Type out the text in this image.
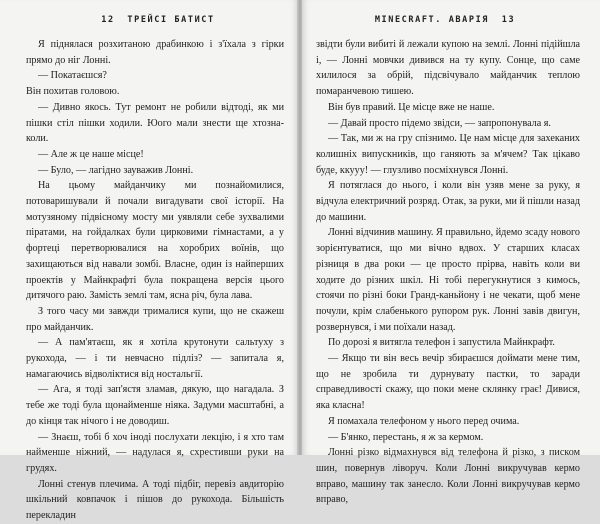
12 ТРЕЙСІ БАТИСТ

Я піднялася розхитаною драбинкою і з'їхала з гірки прямо до ніг Лонні.

— Покатаєшся?

Він похитав головою.

— Дивно якось. Тут ремонт не робили відтоді, як ми пішки стіл пішки ходили. Юого мали знести ще хтозна-коли.

— Але ж це наше місце!

— Було, — лагідно зауважив Лонні.

На цьому майданчику ми познайомилися, потоваришували й почали вигадувати свої історії. На мотузяному підвісному мосту ми уявляли себе зухвалими піратами, на гойдалках були цирковими гімнастами, а у фортеці перетворювалися на хоробрих воїнів, що захищаються від навали зомбі. Власне, один із найперших проектів у Майнкрафті була покращена версія цього дитячого раю. Замість землі там, ясна річ, була лава.

З того часу ми завжди трималися купи, що не скажеш про майданчик.

— А пам'ятаєш, як я хотіла крутонути сальтуху з рукохода, — і ти невчасно підліз? — запитала я, намагаючись відволіктися від ностальгії.

— Ага, я тоді зап'ястя зламав, дякую, що нагадала. З тебе же тоді була щонайменше ніяка. Задуми масштабні, а до кінця так нічого і не доводиш.

— Знаєш, тобі б хоч іноді послухати лекцію, і я хто там найменше ніжний, — надулася я, схрестивши руки на грудях.

Лонні стенув плечима. А тоді підбіг, перевіз авдиторію шкільний ковпачок і пішов до рукохода. Більшість перекладин

MINECRAFT. АВАРІЯ 13

звідти були вибиті й лежали купою на землі. Лонні підійшла і, — Лонні мовчки дивився на ту купу. Сонце, що саме хилилося за обрій, підсвічувало майданчик теплою помаранчевою тишею.

Він був правий. Це місце вже не наше.

— Давай просто підемо звідси, — запропонувала я.

— Так, ми ж на гру спізнимо. Це нам місце для захеканих колишніх випускників, що ганяють за м'ячем? Так цікаво буде, ккууу! — глузливо посміхнувся Лонні.

Я потяглася до нього, і коли він узяв мене за руку, я відчула електричний розряд. Отак, за руки, ми й пішли назад до машини.

Лонні відчинив машину. Я правильно, йдемо зсаду нового зорієнтуватися, що ми вічно вдвох. У старших класах різниця в два роки — це просто прірва, навіть коли ви ходите до різних шкіл. Ні тобі перегукнутися з кимось, стоячи по різні боки Гранд-каньйону і не чекати, щоб мене почули, крім слабенького рупором рук. Лонні завів двигун, розвернувся, і ми поїхали назад.

По дорозі я витягла телефон і запустила Майнкрафт.

— Якщо ти він весь вечір збираєшся доймати мене тим, що не зробила ти дурнувату пастки, то заради справедливості скажу, що поки мене склянку грає! Дивися, яка класна!

Я помахала телефоном у нього перед очима.

— Б'янко, перестань, я ж за кермом.

Лонні різко відмахнувся від телефона й різко, з писком шин, повернув ліворуч. Коли Лонні викручував кермо вправо, машину так занесло. Коли Лонні викручував кермо вправо,
